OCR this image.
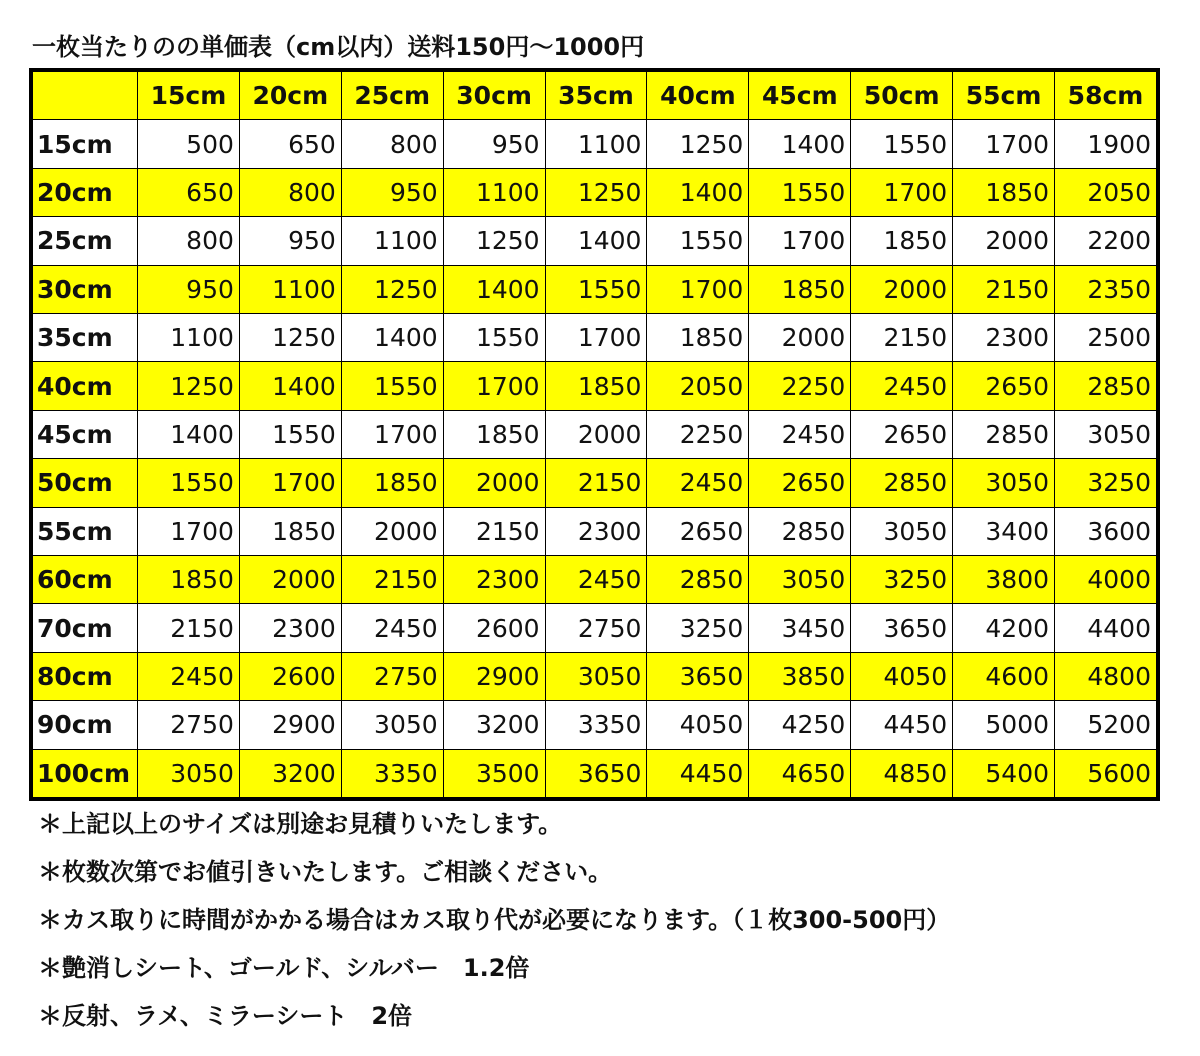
一枚当たりのの単価表（cm以内）送料150円～1000円
	15cm	20cm	25cm	30cm	35cm	40cm	45cm	50cm	55cm	58cm
15cm	500	650	800	950	1100	1250	1400	1550	1700	1900
20cm	650	800	950	1100	1250	1400	1550	1700	1850	2050
25cm	800	950	1100	1250	1400	1550	1700	1850	2000	2200
30cm	950	1100	1250	1400	1550	1700	1850	2000	2150	2350
35cm	1100	1250	1400	1550	1700	1850	2000	2150	2300	2500
40cm	1250	1400	1550	1700	1850	2050	2250	2450	2650	2850
45cm	1400	1550	1700	1850	2000	2250	2450	2650	2850	3050
50cm	1550	1700	1850	2000	2150	2450	2650	2850	3050	3250
55cm	1700	1850	2000	2150	2300	2650	2850	3050	3400	3600
60cm	1850	2000	2150	2300	2450	2850	3050	3250	3800	4000
70cm	2150	2300	2450	2600	2750	3250	3450	3650	4200	4400
80cm	2450	2600	2750	2900	3050	3650	3850	4050	4600	4800
90cm	2750	2900	3050	3200	3350	4050	4250	4450	5000	5200
100cm	3050	3200	3350	3500	3650	4450	4650	4850	5400	5600
＊上記以上のサイズは別途お見積りいたします。
＊枚数次第でお値引きいたします。ご相談ください。
＊カス取りに時間がかかる場合はカス取り代が必要になります。（１枚300-500円）
＊艶消しシート、ゴールド、シルバー　1.2倍
＊反射、ラメ、ミラーシート　2倍
